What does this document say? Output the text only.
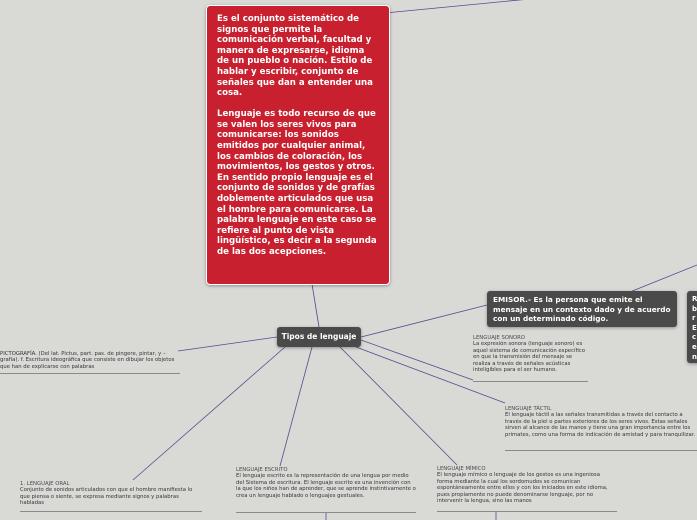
Es el conjunto sistemático de signos que permite la comunicación verbal, facultad y manera de expresarse, idioma de un pueblo o nación. Estilo de hablar y escribir, conjunto de señales que dan a entender una cosa.

Lenguaje es todo recurso de que se valen los seres vivos para comunicarse: los sonidos emitidos por cualquier animal, los cambios de coloración, los movimientos, los gestos y otros. En sentido propio lenguaje es el conjunto de sonidos y de grafías doblemente articulados que usa el hombre para comunicarse. La palabra lenguaje en este caso se refiere al punto de vista lingüístico, es decir a la segunda de las dos acepciones.

Tipos de lenguaje
EMISOR.- Es la persona que emite el mensaje en un contexto dado y de acuerdo con un determinado código.
R b r E c e n
PICTOGRAFÍA. (Del lat. Pictus, part. pas. de pingere, pintar, y –grafía). f. Escritura ideográfica que consiste en dibujar los objetos que han de explicarse con palabras
LENGUAJE SONORO
La expresión sonora (lenguaje sonoro) es aquel sistema de comunicación específico en que la transmisión del mensaje se realiza a través de señales acústicas inteligibles para el ser humano.
LENGUAJE TÁCTIL
El lenguaje táctil a las señales transmitidas a través del contacto a través de la piel o partes exteriores de los seres vivos. Estas señales sirven al alcance de las manos y tiene una gran importancia entre los primates, como una forma de indicación de amistad y para tranquilizar.
LENGUAJE MÍMICO
El lenguaje mímico o lenguaje de los gestos es una ingeniosa forma mediante la cual los sordomudos se comunican espontáneamente entre ellos y con los iniciados en este idioma, pues propiamente no puede denominarse lenguaje, por no intervenir la lengua, sino las manos
LENGUAJE ESCRITO
El lenguaje escrito es la representación de una lengua por medio del Sistema de escritura. El lenguaje escrito es una invención con la que los niños han de aprender, que se aprende instintivamente o crea un lenguaje hablado o lenguajes gestuales.
1. LENGUAJE ORAL
Conjunto de sonidos articulados con que el hombre manifiesta lo que piensa o siente, se expresa mediante signos y palabras habladas
